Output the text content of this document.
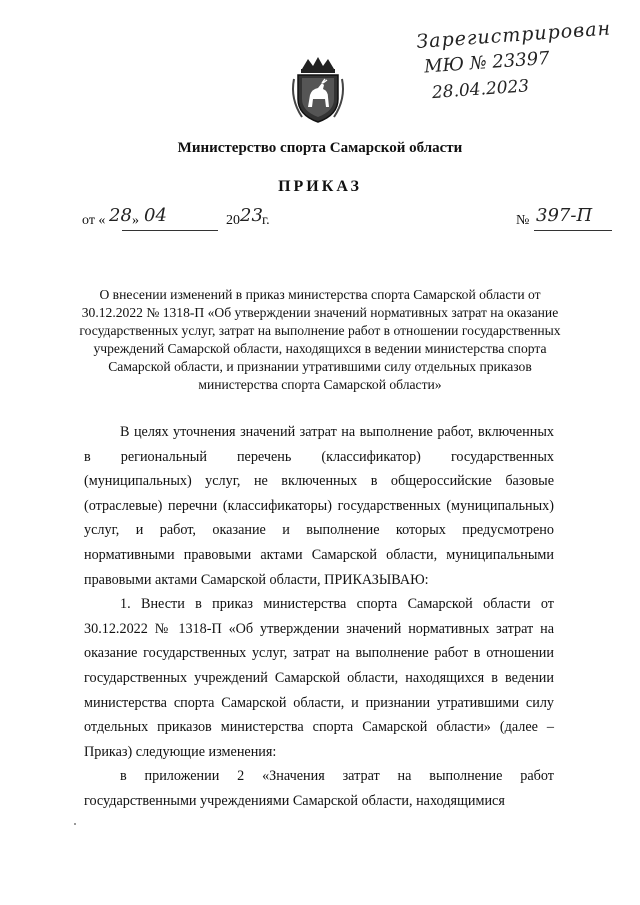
Зарегистрирован
МЮ № 23397
28.04.2023
Министерство спорта Самарской области
ПРИКАЗ
от « 28 » 04	20 23 г.	№ 397-П
О внесении изменений в приказ министерства спорта Самарской области от 30.12.2022 № 1318-П «Об утверждении значений нормативных затрат на оказание государственных услуг, затрат на выполнение работ в отношении государственных учреждений Самарской области, находящихся в ведении министерства спорта Самарской области, и признании утратившими силу отдельных приказов министерства спорта Самарской области»

В целях уточнения значений затрат на выполнение работ, включенных в региональный перечень (классификатор) государственных (муниципальных) услуг, не включенных в общероссийские базовые (отраслевые) перечни (классификаторы) государственных (муниципальных) услуг, и работ, оказание и выполнение которых предусмотрено нормативными правовыми актами Самарской области, муниципальными правовыми актами Самарской области, ПРИКАЗЫВАЮ:

1. Внести в приказ министерства спорта Самарской области от 30.12.2022 № 1318-П «Об утверждении значений нормативных затрат на оказание государственных услуг, затрат на выполнение работ в отношении государственных учреждений Самарской области, находящихся в ведении министерства спорта Самарской области, и признании утратившими силу отдельных приказов министерства спорта Самарской области» (далее – Приказ) следующие изменения:

в приложении 2 «Значения затрат на выполнение работ государственными учреждениями Самарской области, находящимися
